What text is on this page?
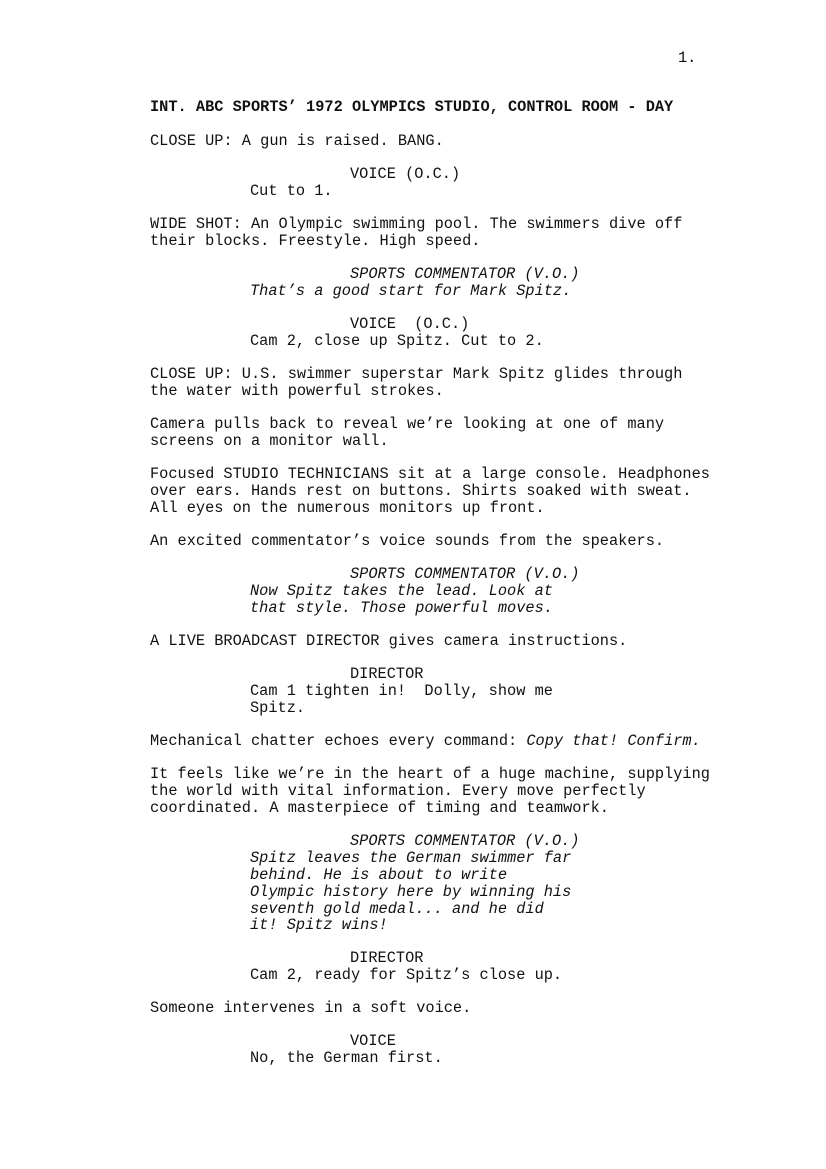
1.
INT. ABC SPORTS’ 1972 OLYMPICS STUDIO, CONTROL ROOM - DAY
CLOSE UP: A gun is raised. BANG.
VOICE (O.C.)
Cut to 1.
WIDE SHOT: An Olympic swimming pool. The swimmers dive off
their blocks. Freestyle. High speed.
SPORTS COMMENTATOR (V.O.)
That’s a good start for Mark Spitz.
VOICE  (O.C.)
Cam 2, close up Spitz. Cut to 2.
CLOSE UP: U.S. swimmer superstar Mark Spitz glides through
the water with powerful strokes.
Camera pulls back to reveal we’re looking at one of many
screens on a monitor wall.
Focused STUDIO TECHNICIANS sit at a large console. Headphones
over ears. Hands rest on buttons. Shirts soaked with sweat.
All eyes on the numerous monitors up front.
An excited commentator’s voice sounds from the speakers.
SPORTS COMMENTATOR (V.O.)
Now Spitz takes the lead. Look at
that style. Those powerful moves.
A LIVE BROADCAST DIRECTOR gives camera instructions.
DIRECTOR
Cam 1 tighten in!  Dolly, show me
Spitz.
Mechanical chatter echoes every command: Copy that! Confirm.
It feels like we’re in the heart of a huge machine, supplying
the world with vital information. Every move perfectly
coordinated. A masterpiece of timing and teamwork.
SPORTS COMMENTATOR (V.O.)
Spitz leaves the German swimmer far
behind. He is about to write
Olympic history here by winning his
seventh gold medal... and he did
it! Spitz wins!
DIRECTOR
Cam 2, ready for Spitz’s close up.
Someone intervenes in a soft voice.
VOICE
No, the German first.
